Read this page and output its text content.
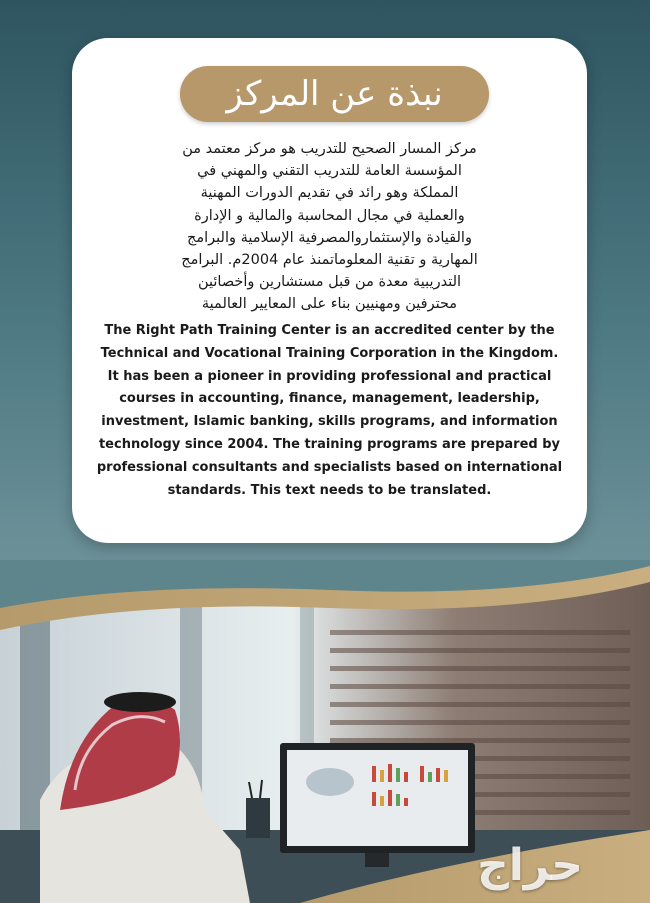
نبذة عن المركز
مركز المسار الصحيح للتدريب هو مركز معتمد من
المؤسسة العامة للتدريب التقني والمهني في
المملكة وهو رائد في تقديم الدورات المهنية
والعملية في مجال المحاسبة والمالية و الإدارة
والقيادة والإستثماروالمصرفية الإسلامية والبرامج
المهارية و تقنية المعلوماتمنذ عام 2004م. البرامج
التدريبية معدة من قبل مستشارين وأخصائين
محترفين ومهنيين بناء على المعايير العالمية
The Right Path Training Center is an accredited center by the
Technical and Vocational Training Corporation in the Kingdom.
It has been a pioneer in providing professional and practical
courses in accounting, finance, management, leadership,
investment, Islamic banking, skills programs, and information
technology since 2004. The training programs are prepared by
professional consultants and specialists based on international
standards. This text needs to be translated.
حراج
